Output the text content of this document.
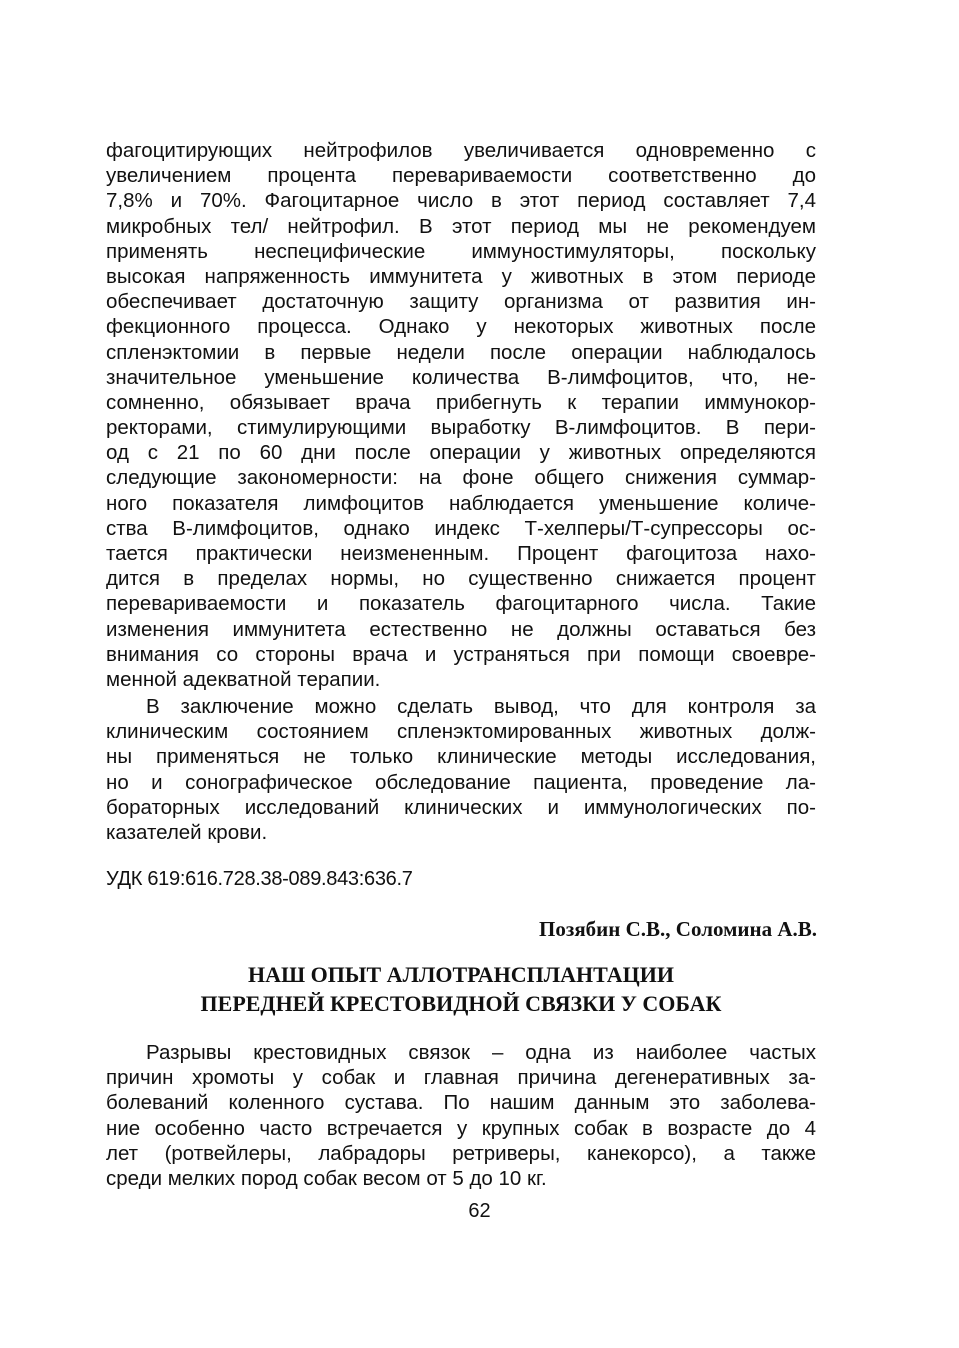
фагоцитирующих нейтрофилов увеличивается одновременно с
увеличением процента перевариваемости соответственно до
7,8% и 70%. Фагоцитарное число в этот период составляет 7,4
микробных тел/ нейтрофил. В этот период мы не рекомендуем
применять неспецифические иммуностимуляторы, поскольку
высокая напряженность иммунитета у животных в этом периоде
обеспечивает достаточную защиту организма от развития ин-
фекционного процесса. Однако у некоторых животных после
спленэктомии в первые недели после операции наблюдалось
значительное уменьшение количества В-лимфоцитов, что, не-
сомненно, обязывает врача прибегнуть к терапии иммунокор-
ректорами, стимулирующими выработку В-лимфоцитов. В пери-
од с 21 по 60 дни после операции у животных определяются
следующие закономерности: на фоне общего снижения суммар-
ного показателя лимфоцитов наблюдается уменьшение количе-
ства В-лимфоцитов, однако индекс Т-хелперы/Т-супрессоры ос-
тается практически неизмененным. Процент фагоцитоза нахо-
дится в пределах нормы, но существенно снижается процент
перевариваемости и показатель фагоцитарного числа. Такие
изменения иммунитета естественно не должны оставаться без
внимания со стороны врача и устраняться при помощи своевре-
менной адекватной терапии.
В заключение можно сделать вывод, что для контроля за
клиническим состоянием спленэктомированных животных долж-
ны применяться не только клинические методы исследования,
но и сонографическое обследование пациента, проведение ла-
бораторных исследований клинических и иммунологических по-
казателей крови.
УДК 619:616.728.38-089.843:636.7
Позябин С.В., Соломина А.В.
НАШ ОПЫТ АЛЛОТРАНСПЛАНТАЦИИ
ПЕРЕДНЕЙ КРЕСТОВИДНОЙ СВЯЗКИ У СОБАК
Разрывы крестовидных связок – одна из наиболее частых
причин хромоты у собак и главная причина дегенеративных за-
болеваний коленного сустава. По нашим данным это заболева-
ние особенно часто встречается у крупных собак в возрасте до 4
лет (ротвейлеры, лабрадоры ретриверы, канекорсо), а также
среди мелких пород собак весом от 5 до 10 кг.
62
